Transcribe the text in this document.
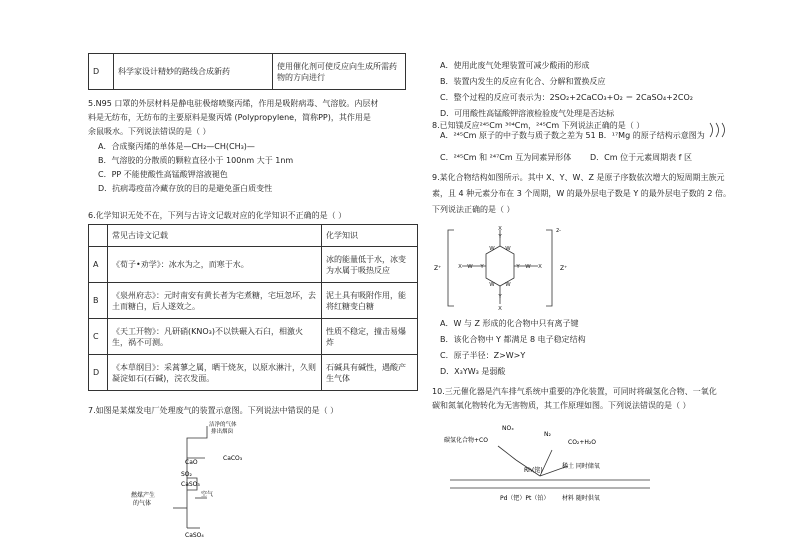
D	科学家设计精妙的路线合成新药	使用催化剂可使反应向生成所需药物的方向进行
5.N95 口罩的外层材料是静电驻极熔喷聚丙烯，作用是吸附病毒、气溶胶。内层材
料是无纺布，无纺布的主要原料是聚丙烯 (Polypropylene，简称PP)，其作用是
余鼠吸水。下列说法错误的是（ ）
A．合成聚丙烯的单体是—CH₂—CH(CH₃)—
B．气溶胶的分散质的颗粒直径小于 100nm 大于 1nm
C．PP 不能使酸性高锰酸钾溶液褪色
D．抗病毒疫苗冷藏存放的目的是避免蛋白质变性
6.化学知识无处不在，下列与古诗文记载对应的化学知识不正确的是（ ）
	常见古诗文记载	化学知识
A	《荀子•劝学》：冰水为之，而寒于水。	冰的能量低于水，冰变为水属于吸热反应
B	《泉州府志》：元时南安有黄长者为宅煮糖，宅垣忽坏，去土而糖白，后人遂效之。	泥土具有吸附作用，能将红糖变白糖
C	《天工开物》：凡研硝(KNO₃)不以铁碾入石臼，相激火生，祸不可测。	性质不稳定，撞击易爆炸
D	《本草纲目》：采蒿蓼之属，晒干烧灰，以原水淋汁，久则凝淀如石(石碱)，浣衣发面。	石碱具有碱性，遇酸产生气体
7.如图是某煤发电厂处理废气的装置示意图。下列说法中错误的是（ ）
洁净的气体
排出烟囱
CaO
CaCO₃
SO₂
CaSO₃
空气
燃煤产生
的气体
CaSO₄
A．使用此废气处理装置可减少酸雨的形成
B．装置内发生的反应有化合、分解和置换反应
C．整个过程的反应可表示为：2SO₂+2CaCO₃+O₂ ＝ 2CaSO₄+2CO₂
D．可用酸性高锰酸钾溶液检验废气处理是否达标
8.已知镁反应²⁴⁵Cm ³⁰⁴Cm，²⁴⁵Cm 下列说法正确的是（ ）
A．²⁴⁵Cm 原子的中子数与质子数之差为 51 B．¹⁷Mg 的原子结构示意图为
C．²⁴⁵Cm 和 ²⁴⁷Cm 互为同素异形体 D．Cm 位于元素周期表 f 区
9.某化合物结构如图所示。其中 X、Y、W、Z 是原子序数依次增大的短周期主族元
素，且 4 种元素分布在 3 个周期，W 的最外层电子数是 Y 的最外层电子数的 2 倍。
下列说法正确的是（ ）
X
Y
W W
X W Y	Y W X
W W
Y
X
2-
Z⁺	Z⁺
A．W 与 Z 形成的化合物中只有离子键
B．该化合物中 Y 都满足 8 电子稳定结构
C．原子半径：Z>W>Y
D．X₃YW₃ 是弱酸
10.三元催化器是汽车排气系统中重要的净化装置，可同时将碳氢化合物、一氧化
碳和氮氧化物转化为无害物质，其工作原理如图。下列说法错误的是（ ）
碳氢化合物+CO
NOₓ
N₂
CO₂+H₂O
Rh(铑)
稀土 同时储氧
Pd（钯）Pt（铂） 材料 随时供氧
